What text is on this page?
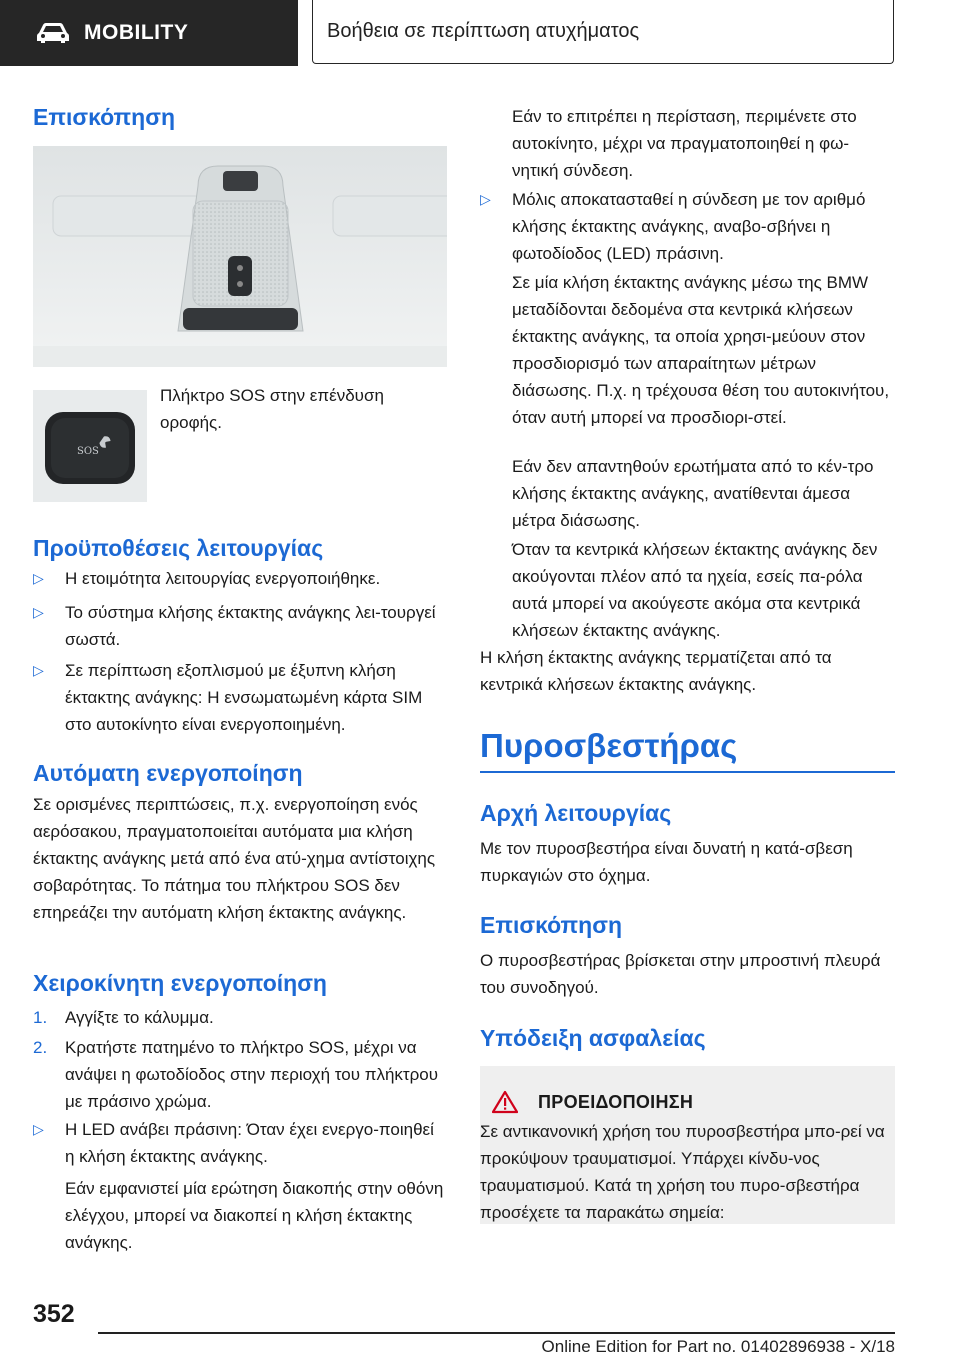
MOBILITY	Βοήθεια σε περίπτωση ατυχήματος
Επισκόπηση
SOS
Πλήκτρο SOS στην επένδυση οροφής.
Προϋποθέσεις λειτουργίας
▷ Η ετοιμότητα λειτουργίας ενεργοποιήθηκε.
▷ Το σύστημα κλήσης έκτακτης ανάγκης λει‐τουργεί σωστά.
▷ Σε περίπτωση εξοπλισμού με έξυπνη κλήση έκτακτης ανάγκης: Η ενσωματωμένη κάρτα SIM στο αυτοκίνητο είναι ενεργοποιημένη.
Αυτόματη ενεργοποίηση
Σε ορισμένες περιπτώσεις, π.χ. ενεργοποίηση ενός αερόσακου, πραγματοποιείται αυτόματα μια κλήση έκτακτης ανάγκης μετά από ένα ατύ‐χημα αντίστοιχης σοβαρότητας. Το πάτημα του πλήκτρου SOS δεν επηρεάζει την αυτόματη κλήση έκτακτης ανάγκης.
Χειροκίνητη ενεργοποίηση
1. Αγγίξτε το κάλυμμα.
2. Κρατήστε πατημένο το πλήκτρο SOS, μέχρι να ανάψει η φωτοδίοδος στην περιοχή του πλήκτρου με πράσινο χρώμα.
▷ Η LED ανάβει πράσινη: Όταν έχει ενεργο‐ποιηθεί η κλήση έκτακτης ανάγκης.
Εάν εμφανιστεί μία ερώτηση διακοπής στην οθόνη ελέγχου, μπορεί να διακοπεί η κλήση έκτακτης ανάγκης.
Εάν το επιτρέπει η περίσταση, περιμένετε στο αυτοκίνητο, μέχρι να πραγματοποιηθεί η φω‐νητική σύνδεση.
▷ Μόλις αποκατασταθεί η σύνδεση με τον αριθμό κλήσης έκτακτης ανάγκης, αναβο‐σβήνει η φωτοδίοδος (LED) πράσινη.
Σε μία κλήση έκτακτης ανάγκης μέσω της BMW μεταδίδονται δεδομένα στα κεντρικά κλήσεων έκτακτης ανάγκης, τα οποία χρησι‐μεύουν στον προσδιορισμό των απαραίτητων μέτρων διάσωσης. Π.χ. η τρέχουσα θέση του αυτοκινήτου, όταν αυτή μπορεί να προσδιορι‐στεί.
Εάν δεν απαντηθούν ερωτήματα από το κέν‐τρο κλήσης έκτακτης ανάγκης, ανατίθενται άμεσα μέτρα διάσωσης.
Όταν τα κεντρικά κλήσεων έκτακτης ανάγκης δεν ακούγονται πλέον από τα ηχεία, εσείς πα‐ρόλα αυτά μπορεί να ακούγεστε ακόμα στα κεντρικά κλήσεων έκτακτης ανάγκης.
Η κλήση έκτακτης ανάγκης τερματίζεται από τα κεντρικά κλήσεων έκτακτης ανάγκης.
Πυροσβεστήρας
Αρχή λειτουργίας
Με τον πυροσβεστήρα είναι δυνατή η κατά‐σβεση πυρκαγιών στο όχημα.
Επισκόπηση
Ο πυροσβεστήρας βρίσκεται στην μπροστινή πλευρά του συνοδηγού.
Υπόδειξη ασφαλείας
ΠΡΟΕΙΔΟΠΟΙΗΣΗ
Σε αντικανονική χρήση του πυροσβεστήρα μπο‐ρεί να προκύψουν τραυματισμοί. Υπάρχει κίνδυ‐νος τραυματισμού. Κατά τη χρήση του πυρο‐σβεστήρα προσέχετε τα παρακάτω σημεία:
352
Online Edition for Part no. 01402896938 - X/18
